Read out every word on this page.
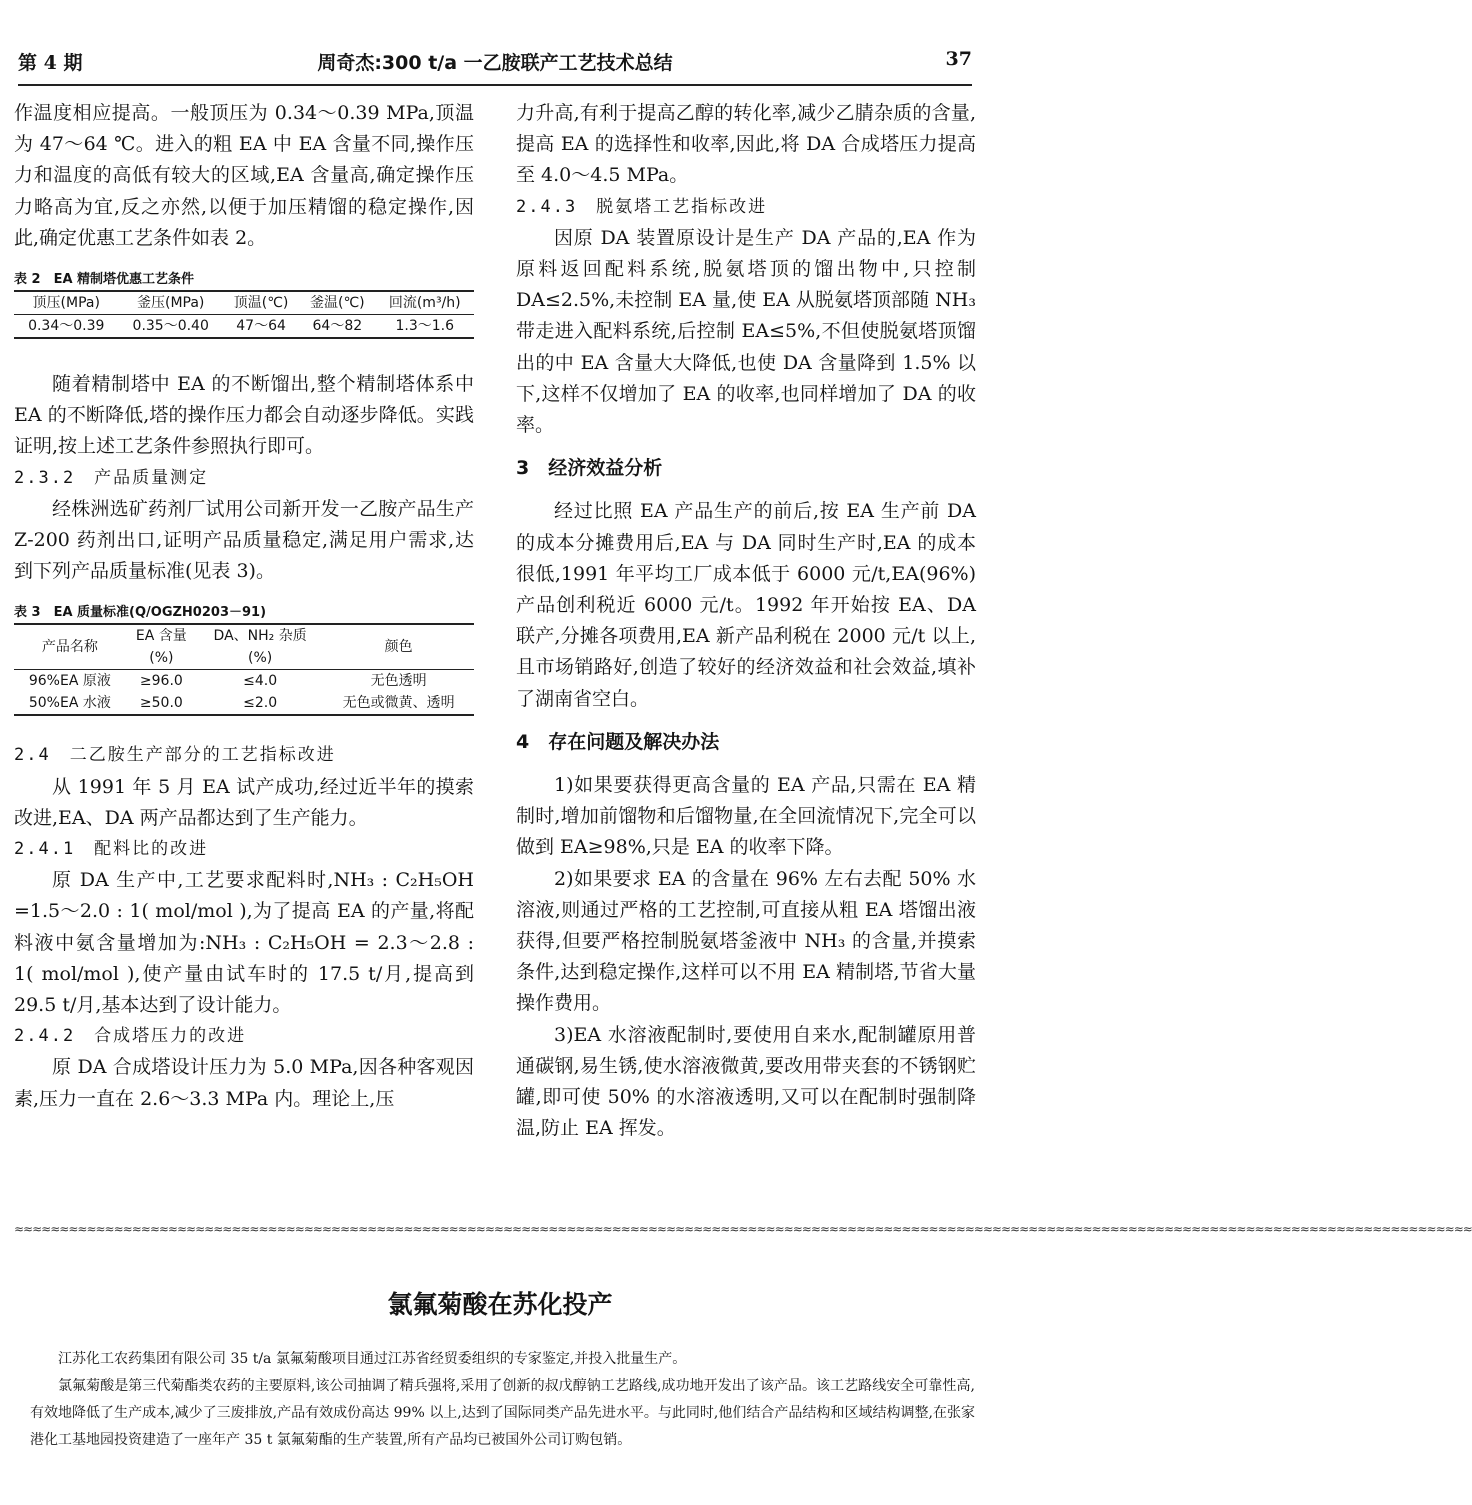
第 4 期	周奇杰:300 t/a 一乙胺联产工艺技术总结	37

作温度相应提高。一般顶压为 0.34～0.39 MPa,顶温为 47～64 ℃。进入的粗 EA 中 EA 含量不同,操作压力和温度的高低有较大的区域,EA 含量高,确定操作压力略高为宜,反之亦然,以便于加压精馏的稳定操作,因此,确定优惠工艺条件如表 2。

表 2　EA 精制塔优惠工艺条件

顶压(MPa)	釜压(MPa)	顶温(℃)	釜温(℃)	回流(m³/h)
0.34～0.39	0.35～0.40	47～64	64～82	1.3～1.6

随着精制塔中 EA 的不断馏出,整个精制塔体系中 EA 的不断降低,塔的操作压力都会自动逐步降低。实践证明,按上述工艺条件参照执行即可。

2.3.2　产品质量测定

经株洲选矿药剂厂试用公司新开发一乙胺产品生产 Z-200 药剂出口,证明产品质量稳定,满足用户需求,达到下列产品质量标准(见表 3)。

表 3　EA 质量标准(Q/OGZH0203－91)

产品名称	EA 含量	DA、NH₂ 杂质	颜色
	(%)	(%)	
96%EA 原液	≥96.0	≤4.0	无色透明
50%EA 水液	≥50.0	≤2.0	无色或微黄、透明

2.4　二乙胺生产部分的工艺指标改进

从 1991 年 5 月 EA 试产成功,经过近半年的摸索改进,EA、DA 两产品都达到了生产能力。

2.4.1　配料比的改进

原 DA 生产中,工艺要求配料时,NH₃ : C₂H₅OH =1.5～2.0 : 1( mol/mol ),为了提高 EA 的产量,将配料液中氨含量增加为:NH₃ : C₂H₅OH = 2.3～2.8 : 1( mol/mol ),使产量由试车时的 17.5 t/月,提高到 29.5 t/月,基本达到了设计能力。

2.4.2　合成塔压力的改进

原 DA 合成塔设计压力为 5.0 MPa,因各种客观因素,压力一直在 2.6～3.3 MPa 内。理论上,压

力升高,有利于提高乙醇的转化率,减少乙腈杂质的含量,提高 EA 的选择性和收率,因此,将 DA 合成塔压力提高至 4.0～4.5 MPa。

2.4.3　脱氨塔工艺指标改进

因原 DA 装置原设计是生产 DA 产品的,EA 作为原料返回配料系统,脱氨塔顶的馏出物中,只控制 DA≤2.5%,未控制 EA 量,使 EA 从脱氨塔顶部随 NH₃ 带走进入配料系统,后控制 EA≤5%,不但使脱氨塔顶馏出的中 EA 含量大大降低,也使 DA 含量降到 1.5% 以下,这样不仅增加了 EA 的收率,也同样增加了 DA 的收率。

3　经济效益分析

经过比照 EA 产品生产的前后,按 EA 生产前 DA 的成本分摊费用后,EA 与 DA 同时生产时,EA 的成本很低,1991 年平均工厂成本低于 6000 元/t,EA(96%)产品创利税近 6000 元/t。1992 年开始按 EA、DA 联产,分摊各项费用,EA 新产品利税在 2000 元/t 以上,且市场销路好,创造了较好的经济效益和社会效益,填补了湖南省空白。

4　存在问题及解决办法

1)如果要获得更高含量的 EA 产品,只需在 EA 精制时,增加前馏物和后馏物量,在全回流情况下,完全可以做到 EA≥98%,只是 EA 的收率下降。

2)如果要求 EA 的含量在 96% 左右去配 50% 水溶液,则通过严格的工艺控制,可直接从粗 EA 塔馏出液获得,但要严格控制脱氨塔釜液中 NH₃ 的含量,并摸索条件,达到稳定操作,这样可以不用 EA 精制塔,节省大量操作费用。

3)EA 水溶液配制时,要使用自来水,配制罐原用普通碳钢,易生锈,使水溶液微黄,要改用带夹套的不锈钢贮罐,即可使 50% 的水溶液透明,又可以在配制时强制降温,防止 EA 挥发。

≈≈≈≈≈≈≈≈≈≈≈≈≈≈≈≈≈≈≈≈≈≈≈≈≈≈≈≈≈≈≈≈≈≈≈≈≈≈≈≈≈≈≈≈≈≈≈≈≈≈≈≈≈≈≈≈≈≈≈≈≈≈≈≈≈≈≈≈≈≈≈≈≈≈≈≈≈≈≈≈≈≈≈≈≈≈≈≈≈≈≈≈≈≈≈≈≈≈≈≈≈≈≈≈≈≈≈≈≈≈≈≈≈≈≈≈≈≈≈≈≈≈≈≈≈≈≈≈≈≈≈≈≈≈≈≈≈≈≈≈≈≈≈≈≈≈≈≈≈≈≈≈≈≈≈≈≈≈≈≈≈
氯氟菊酸在苏化投产

江苏化工农药集团有限公司 35 t/a 氯氟菊酸项目通过江苏省经贸委组织的专家鉴定,并投入批量生产。

氯氟菊酸是第三代菊酯类农药的主要原料,该公司抽调了精兵强将,采用了创新的叔戊醇钠工艺路线,成功地开发出了该产品。该工艺路线安全可靠性高,有效地降低了生产成本,减少了三废排放,产品有效成份高达 99% 以上,达到了国际同类产品先进水平。与此同时,他们结合产品结构和区域结构调整,在张家港化工基地园投资建造了一座年产 35 t 氯氟菊酯的生产装置,所有产品均已被国外公司订购包销。
